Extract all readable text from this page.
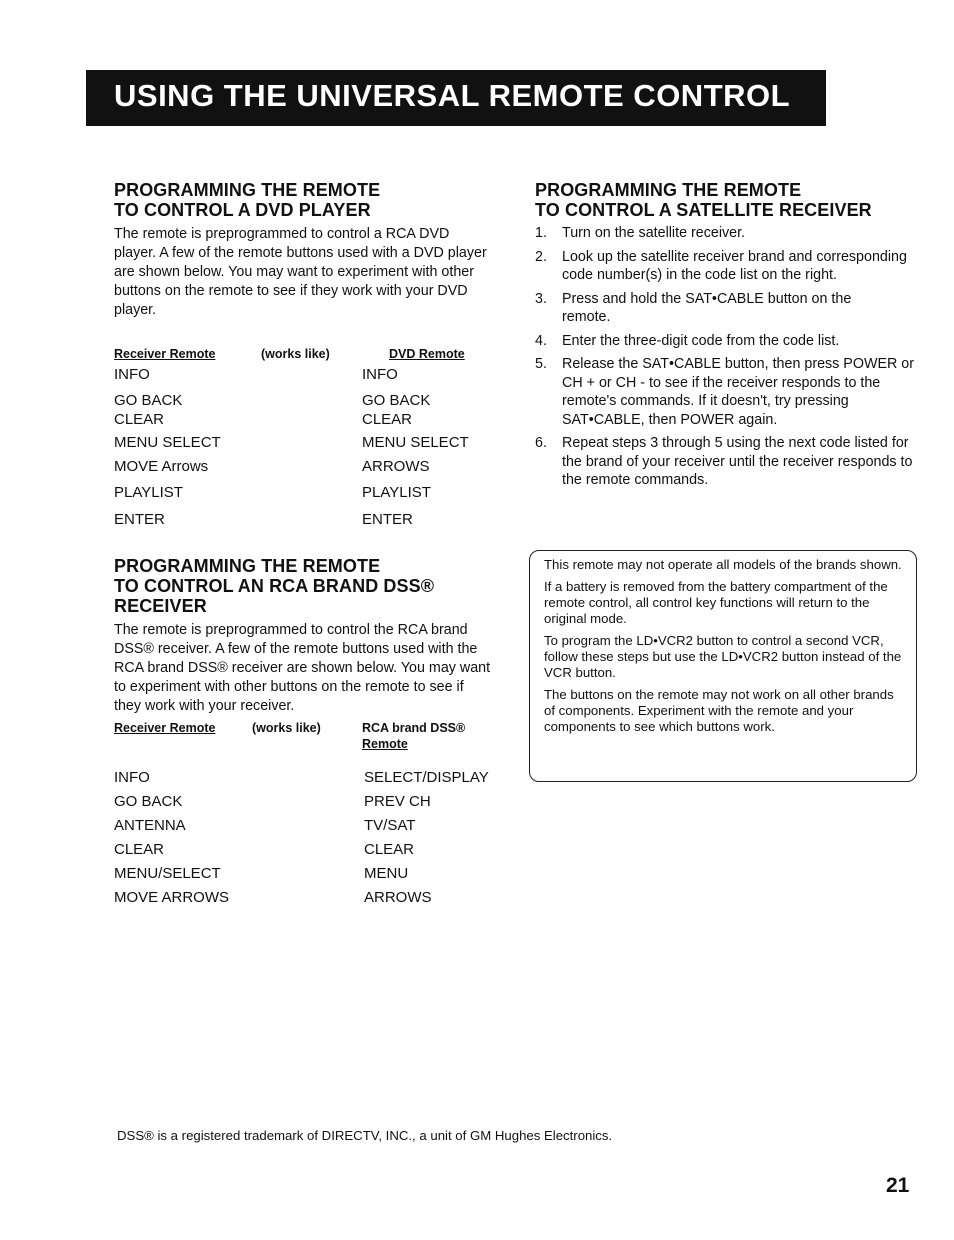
USING THE UNIVERSAL REMOTE CONTROL
PROGRAMMING THE REMOTE
TO CONTROL A DVD PLAYER

The remote is preprogrammed to control a RCA DVD player. A few of the remote buttons used with a DVD player are shown below. You may want to experiment with other buttons on the remote to see if they work with your DVD player.

Receiver Remote	(works like)	DVD Remote
INFO	INFO
GO BACK	GO BACK
CLEAR	CLEAR
MENU SELECT	MENU SELECT
MOVE Arrows	ARROWS
PLAYLIST	PLAYLIST
ENTER	ENTER
PROGRAMMING THE REMOTE
TO CONTROL AN RCA BRAND DSS®
RECEIVER

The remote is preprogrammed to control the RCA brand DSS® receiver. A few of the remote buttons used with the RCA brand DSS® receiver are shown below. You may want to experiment with other buttons on the remote to see if they work with your receiver.

Receiver Remote	(works like)	RCA brand DSS®
Remote
INFO	SELECT/DISPLAY
GO BACK	PREV CH
ANTENNA	TV/SAT
CLEAR	CLEAR
MENU/SELECT	MENU
MOVE ARROWS	ARROWS
PROGRAMMING THE REMOTE
TO CONTROL A SATELLITE RECEIVER
1.	Turn on the satellite receiver.
2.	Look up the satellite receiver brand and corresponding code number(s) in the code list on the right.
3.	Press and hold the SAT•CABLE button on the remote.
4.	Enter the three-digit code from the code list.
5.	Release the SAT•CABLE button, then press POWER or CH + or CH - to see if the receiver responds to the remote's commands. If it doesn't, try pressing SAT•CABLE, then POWER again.
6.	Repeat steps 3 through 5 using the next code listed for the brand of your receiver until the receiver responds to the remote commands.

This remote may not operate all models of the brands shown.

If a battery is removed from the battery compartment of the remote control, all control key functions will return to the original mode.

To program the LD•VCR2 button to control a second VCR, follow these steps but use the LD•VCR2 button instead of the VCR button.

The buttons on the remote may not work on all other brands of components. Experiment with the remote and your components to see which buttons work.

DSS® is a registered trademark of DIRECTV, INC., a unit of GM Hughes Electronics.
21
